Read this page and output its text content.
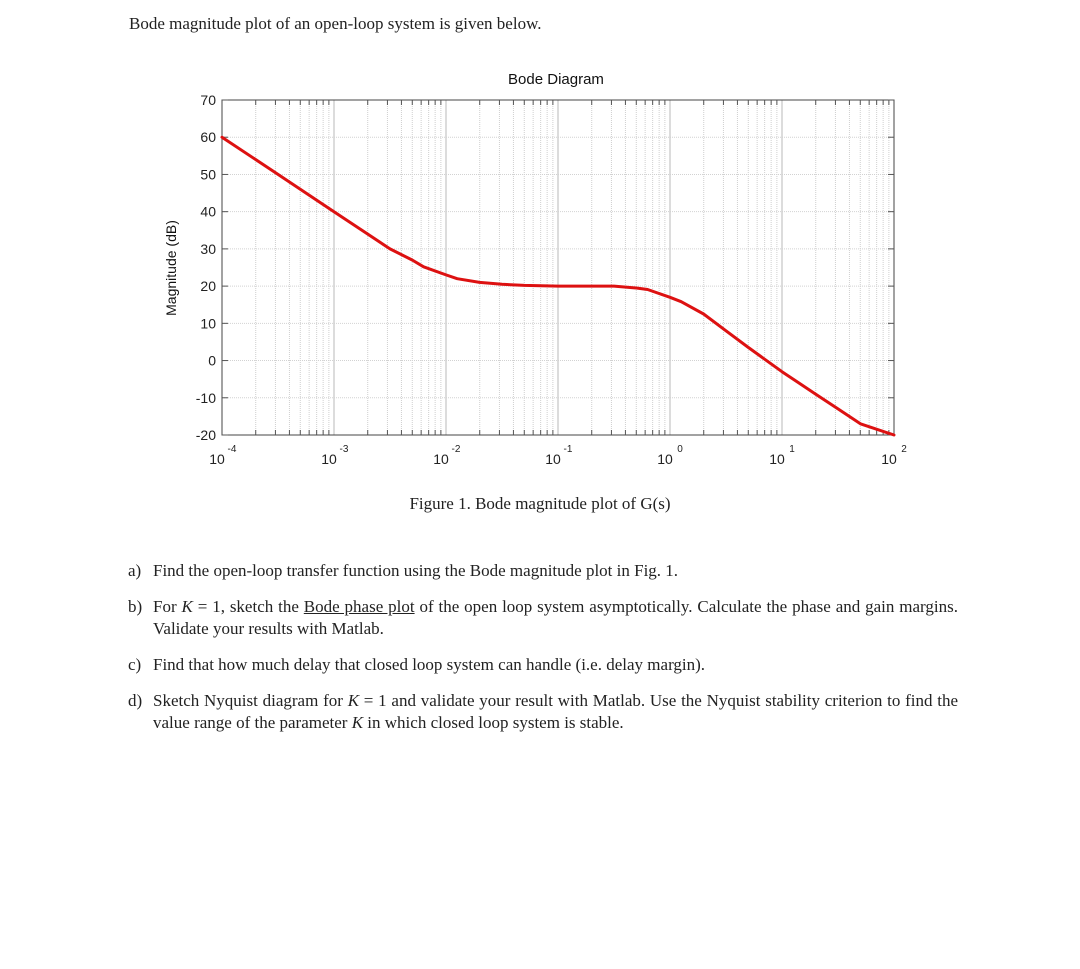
Bode magnitude plot of an open-loop system is given below.
-20
-10
0
10
20
30
40
50
60
70
10
-4
10
-3
10
-2
10
-1
10
0
10
1
10
2
Bode Diagram
Magnitude (dB)
Figure 1. Bode magnitude plot of G(s)
a) Find the open-loop transfer function using the Bode magnitude plot in Fig. 1.
b) For K = 1, sketch the Bode phase plot of the open loop system asymptotically. Calculate the phase and gain margins. Validate your results with Matlab.
c) Find that how much delay that closed loop system can handle (i.e. delay margin).
d) Sketch Nyquist diagram for K = 1 and validate your result with Matlab. Use the Nyquist stability criterion to find the value range of the parameter K in which closed loop system is stable.
